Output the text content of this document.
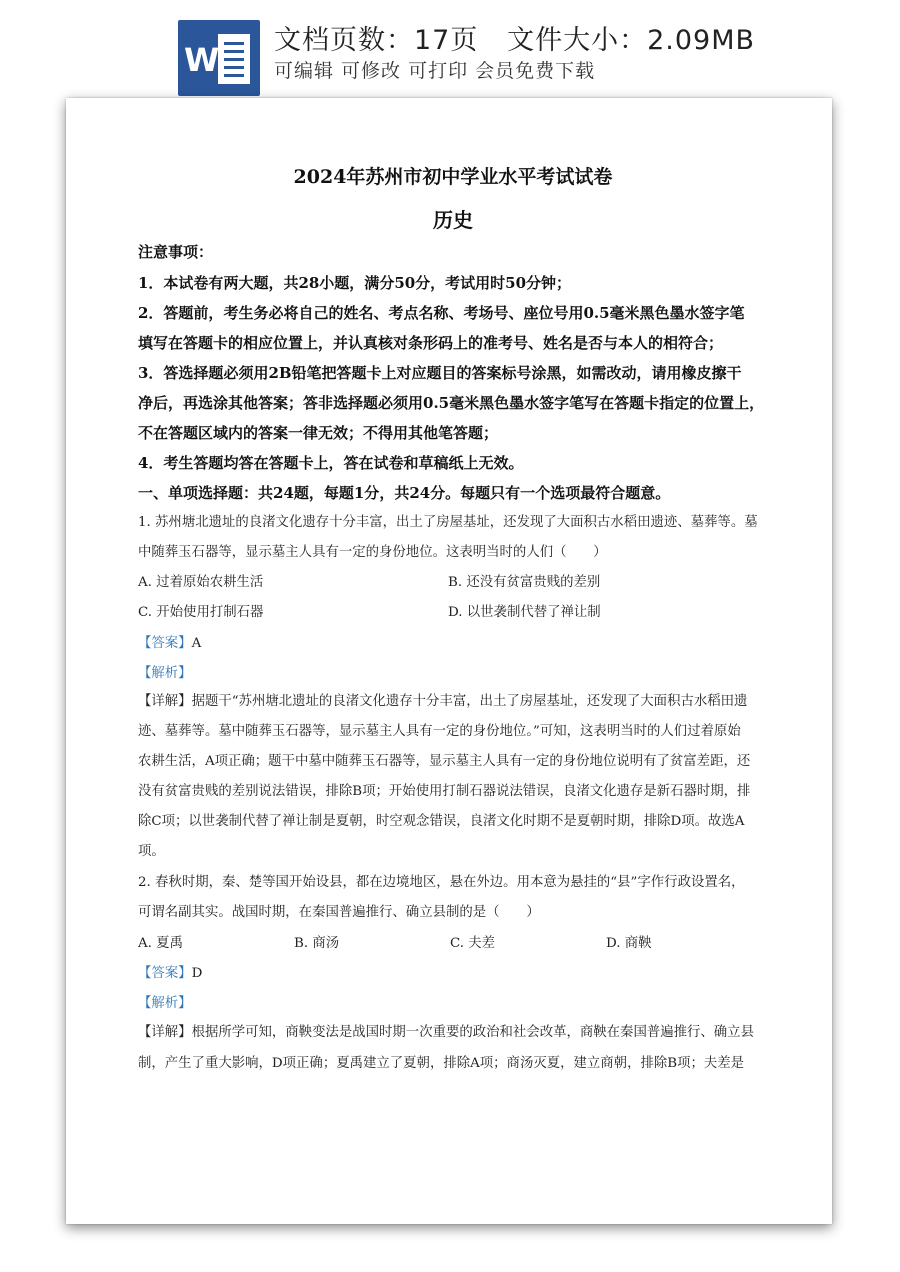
W
文档页数：17页   文件大小：2.09MB
可编辑 可修改 可打印 会员免费下载
2024年苏州市初中学业水平考试试卷
历史
注意事项：
1．本试卷有两大题，共28小题，满分50分，考试用时50分钟；
2．答题前，考生务必将自己的姓名、考点名称、考场号、座位号用0.5毫米黑色墨水签字笔
填写在答题卡的相应位置上，并认真核对条形码上的准考号、姓名是否与本人的相符合；
3．答选择题必须用2B铅笔把答题卡上对应题目的答案标号涂黑，如需改动，请用橡皮擦干
净后，再选涂其他答案；答非选择题必须用0.5毫米黑色墨水签字笔写在答题卡指定的位置上，
不在答题区域内的答案一律无效；不得用其他笔答题；
4．考生答题均答在答题卡上，答在试卷和草稿纸上无效。
一、单项选择题：共24题，每题1分，共24分。每题只有一个选项最符合题意。
1. 苏州塘北遗址的良渚文化遗存十分丰富，出土了房屋基址，还发现了大面积古水稻田遗迹、墓葬等。墓
中随葬玉石器等，显示墓主人具有一定的身份地位。这表明当时的人们（　　）
A. 过着原始农耕生活	B. 还没有贫富贵贱的差别
C. 开始使用打制石器	D. 以世袭制代替了禅让制
【答案】A
【解析】
【详解】据题干“苏州塘北遗址的良渚文化遗存十分丰富，出土了房屋基址，还发现了大面积古水稻田遗
迹、墓葬等。墓中随葬玉石器等，显示墓主人具有一定的身份地位。”可知，这表明当时的人们过着原始
农耕生活，A项正确；题干中墓中随葬玉石器等，显示墓主人具有一定的身份地位说明有了贫富差距，还
没有贫富贵贱的差别说法错误，排除B项；开始使用打制石器说法错误，良渚文化遗存是新石器时期，排
除C项；以世袭制代替了禅让制是夏朝，时空观念错误，良渚文化时期不是夏朝时期，排除D项。故选A
项。
2. 春秋时期，秦、楚等国开始设县，都在边境地区，悬在外边。用本意为悬挂的“县”字作行政设置名，
可谓名副其实。战国时期，在秦国普遍推行、确立县制的是（　　）
A. 夏禹	B. 商汤	C. 夫差	D. 商鞅
【答案】D
【解析】
【详解】根据所学可知，商鞅变法是战国时期一次重要的政治和社会改革，商鞅在秦国普遍推行、确立县
制，产生了重大影响，D项正确；夏禹建立了夏朝，排除A项；商汤灭夏，建立商朝，排除B项；夫差是
